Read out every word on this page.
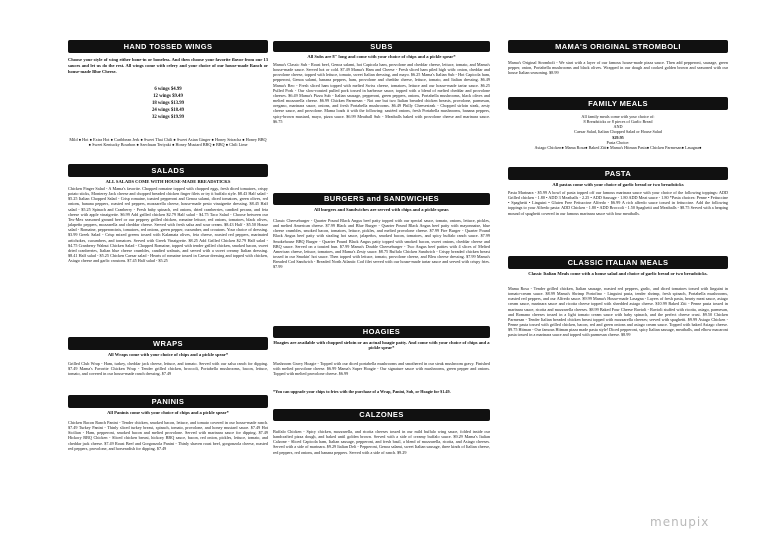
HAND TOSSED WINGS
Choose your style of wing either bone-in or boneless. And then choose your favorite flavor from our 13 sauces and let us do the rest. All wings come with celery and your choice of our house-made Ranch or house-made Blue Cheese.
6 wings $4.99
12 wings $9.49
18 wings $13.99
24 wings $18.49
32 wings $19.99
Mild ● Hot ● Extra Hot ● Caribbean Jerk ● Sweet Thai Chili ● Sweet Asian Ginger ● Honey Sriracha ● Honey BBQ ● Sweet Kentucky Bourbon ● Szechuan Teriyaki ● Honey Mustard BBQ ● BBQ ● Chili Lime
SALADS
ALL SALADS COME WITH HOUSE-MADE BREADSTICKS
Chicken Finger Salad - A Mama's favorite. Chopped romaine topped with chopped eggs, fresh diced tomatoes, crispy potato sticks, Monterey Jack cheese and chopped breaded chicken finger filets or try it buffalo style. $8.43 Half salad - $5.25 Italian Chopped Salad - Crisp romaine, toasted pepperoni and Genoa salami, diced tomatoes, green olives, red onions, banana peppers, roasted red peppers, mozzarella cheese, house-made pesto vinaigrette dressing. $8.45 Half salad - $5.25 Spinach and Cranberry - Fresh baby spinach, red onions, dried cranberries, candied pecans, and feta cheese with apple vinaigrette. $6.99 Add grilled chicken $2.79 Half salad - $4.75 Taco Salad - Choose between our Tex-Mex seasoned ground beef or our peppery grilled chicken, romaine lettuce, red onions, tomatoes, black olives, jalapeño peppers, mozzarella and cheddar cheese. Served with fresh salsa and sour cream. $8.43 Half - $5.50 House salad - Romaine, pepperoncinis, tomatoes, red onions, green pepper, cucumber, and croutons. Your choice of dressing. $3.99 Greek Salad - Crisp mixed greens tossed with Kalamata olives, feta cheese, roasted red peppers, marinated artichokes, cucumbers, and tomatoes. Served with Greek Vinaigrette. $8.25 Add Grilled Chicken $2.79 Half salad - $4.75 Cranberry Walnut Chicken Salad - Chopped Romaine, topped with tender grilled chicken, smoked bacon, sweet dried cranberries, Italian blue cheese crumbles, candied walnuts, and served with a sweet creamy Italian dressing. $8.41 Half salad - $5.25 Chicken Caesar salad - Hearts of romaine tossed in Caesar dressing and topped with chicken, Asiago cheese and garlic croutons. $7.45 Half salad - $5.25
WRAPS
All Wraps come with your choice of chips and a pickle spear*
Grilled Club Wrap - Ham, turkey, cheddar jack cheese, lettuce, and tomato. Served with our salsa ranch for dipping. $7.49 Mama's Favorite Chicken Wrap - Tender grilled chicken, broccoli, Portabella mushrooms, bacon, lettuce, tomato, and covered in our house-made ranch dressing. $7.49
PANINIS
All Paninis come with your choice of chips and a pickle spear*
Chicken Bacon Ranch Panini - Tender chicken, smoked bacon, lettuce, and tomato covered in our house-made ranch. $7.49 Turkey Panini - Thinly sliced turkey breast, spinach, tomato, provolone, and honey mustard sauce. $7.49 Hot Sicilian - Ham, pepperoni, smoked bacon and melted provolone. Served with marinara sauce for dipping. $7.49 Hickory BBQ Chicken - Sliced chicken breast, hickory BBQ sauce, bacon, red onion, pickles, lettuce, tomato, and cheddar jack cheese. $7.49 Roast Beef and Gorgonzola Panini - Thinly shaven roast beef, gorgonzola cheese, roasted red peppers, provolone, and horseradish for dipping. $7.49
SUBS
All Subs are 8" long and come with your choice of chips and a pickle spear*
Mama's Classic Sub - Roast beef, Genoa salami, hot Capicola ham, provolone and cheddar cheese, lettuce, tomato, and Mama's house-made sauce. Served hot or cold. $7.49 Mama's Ham and Cheese - Fresh sliced ham piled high with: onion, cheddar and provolone cheese, topped with lettuce, tomato, sweet Italian dressing, and mayo. $6.25 Mama's Italian Sub - Hot Capicola ham, pepperoni, Genoa salami, banana peppers, ham, provolone and cheddar cheese, lettuce, tomato, and Italian dressing. $6.49 Mama's Reo - Fresh sliced ham topped with melted Swiss cheese, tomatoes, lettuce and our house-made tartar sauce. $6.25 Pulled Pork - Our slow-roasted pulled pork tossed in barbecue sauce, topped with a blend of melted cheddar and provolone cheeses. $6.49 Mama's Pizza Sub - Italian sausage, pepperoni, green peppers, onions, Portabella mushrooms, black olives and melted mozzarella cheese. $6.99 Chicken Parmesan - Not one but two Italian breaded chicken breasts, provolone, parmesan, oregano, marinara sauce, onions, and fresh Portabella mushrooms. $6.49 Philly Cheesesteak - Chopped sirloin steak, zesty cheese sauce, and provolone. Mama loads it with the following: sautéed onions, fresh Portabella mushrooms, banana peppers, spicy-brown mustard, mayo, pizza sauce. $6.99 Meatball Sub - Meatballs baked with provolone cheese and marinara sauce. $6.75
BURGERS and SANDWICHES
All burgers and Sandwiches are served with chips and a pickle spear.
Classic Cheeseburger - Quarter Pound Black Angus beef patty topped with our special sauce, tomato, onions, lettuce, pickles, and melted American cheese. $7.99 Black and Blue Burger - Quarter Pound Black Angus beef patty with mayonnaise, blue cheese crumbles, smoked bacon, tomatoes, lettuce, pickles, and melted provolone cheese. $7.99 Fire Burger - Quarter Pound Black Angus beef patty with sizzling hot sauce, jalapeños, smoked bacon, tomatoes, and spicy buffalo ranch sauce. $7.99 Smokehouse BBQ Burger - Quarter Pound Black Angus patty topped with smoked bacon, sweet onions, cheddar cheese and BBQ sauce. Served on a toasted bun. $7.99 Mama's Double Cheeseburger - Two Angus beef patties with 4 slices of Melted American cheese, lettuce, tomatoes, and Mama's Zesty sauce. $8.75 Buffalo Chicken Sandwich - Crispy breaded chicken breast tossed in our Smokin' hot sauce. Then topped with lettuce, tomato, provolone cheese, and Bleu cheese dressing. $7.99 Mama's Breaded Cod Sandwich - Breaded North Atlantic Cod filet served with our house-made tartar sauce and served with crispy fries. $7.99
HOAGIES
Hoagies are available with chopped sirloin or an actual hoagie patty. And come with your choice of chips and a pickle spear*
Mushroom Gravy Hoagie - Topped with our diced portabella mushrooms and smothered in our steak mushroom gravy. Finished with melted provolone cheese. $6.99 Mama's Super Hoagie - Our signature sauce with mushrooms, green pepper and onions. Topped with melted provolone cheese. $6.99
*You can upgrade your chips to fries with the purchase of a Wrap, Panini, Sub, or Hoagie for $1.49.
CALZONES
Buffalo Chicken - Spicy chicken, mozzarella, and ricotta cheeses tossed in our mild buffalo wing sauce, folded inside our handcrafted pizza dough, and baked until golden brown. Served with a side of creamy buffalo sauce. $9.29 Mama's Italian Calzone - Sliced Capicola ham, Italian sausage, pepperoni, and fresh basil, a blend of mozzarella, ricotta, and Asiago cheeses. Served with a side of marinara. $9.29 Italian Deli - Pepperoni, Genoa salami, sweet Italian sausage, three kinds of Italian cheese, red peppers, red onions, and banana peppers. Served with a side of ranch. $9.29
MAMA'S ORIGINAL STROMBOLI
Mama's Original Stromboli - We start with a layer of our famous house-made pizza sauce. Then add pepperoni, sausage, green pepper, onion, Portabella mushrooms and black olives. Wrapped in our dough and cooked golden brown and seasoned with our house Italian seasoning. $8.99
FAMILY MEALS
All family meals come with your choice of:
8 Breadsticks or 8 pieces of Garlic Bread
AND
Caesar Salad, Italian Chopped Salad or House Salad
$29.95
Pasta Choice:
Asiago Chicken● Mama Rosa● Baked Ziti● Mama's Hitman Pasta● Chicken Parmesan● Lasagna●
PASTA
All pastas come with your choice of garlic bread or two breadsticks
Pasta Marinara - $5.99 A bowl of pasta topped off our famous marinara sauce with your choice of the following toppings: ADD Grilled chicken - 1.80 • ADD 3 Meatballs - 2.25 • ADD Sausage - 1.80 ADD Meat sauce - 1.80 *Pasta choices: Penne • Fettuccine • Spaghetti • Linguini • Gluten Free Fettuccine Alfredo - $6.99 A rich alfredo sauce tossed in fettuccine. Add the following toppings to your Alfredo pasta: ADD Chicken - 1.80 • ADD Broccoli - 1.50 Spaghetti and Meatballs - $8.75 Served with a heaping mound of spaghetti covered in our famous marinara sauce with four meatballs.
CLASSIC ITALIAN MEALS
Classic Italian Meals come with a house salad and choice of garlic bread or two breadsticks.
Mama Rosa - Tender grilled chicken, Italian sausage, roasted red peppers, garlic, and diced tomatoes tossed with linguini in tomato-cream sauce. $8.99 Mama's Shrimp Portofino - Linguini pasta, tender shrimp, fresh spinach, Portabella mushrooms, roasted red peppers, and our Alfredo sauce. $9.99 Mama's House-made Lasagna - Layers of fresh pasta, hearty meat sauce, asiago cream sauce, marinara sauce and ricotta cheese topped with shredded asiago cheese. $10.99 Baked Ziti - Penne pasta tossed in marinara sauce, ricotta and mozzarella cheeses. $8.99 Baked Four Cheese Ravioli - Ravioli stuffed with ricotta, asiago, parmesan, and Romano cheeses tossed in a light tomato cream sauce with baby spinach, and the perfect cheese crust. $9.50 Chicken Parmesan - Tender Italian breaded chicken breast topped with mozzarella cheeses; served with spaghetti. $9.99 Asiago Chicken - Penne pasta tossed with grilled chicken, bacon, red and green onions and asiago cream sauce. Topped with baked Asiago cheese. $9.75 Hitman - Our famous Hitman pizza made pasta style! Diced pepperoni, spicy Italian sausage, meatballs, and elbow macaroni pasta tossed in a marinara sauce and topped with parmesan cheese. $8.99
menupix
